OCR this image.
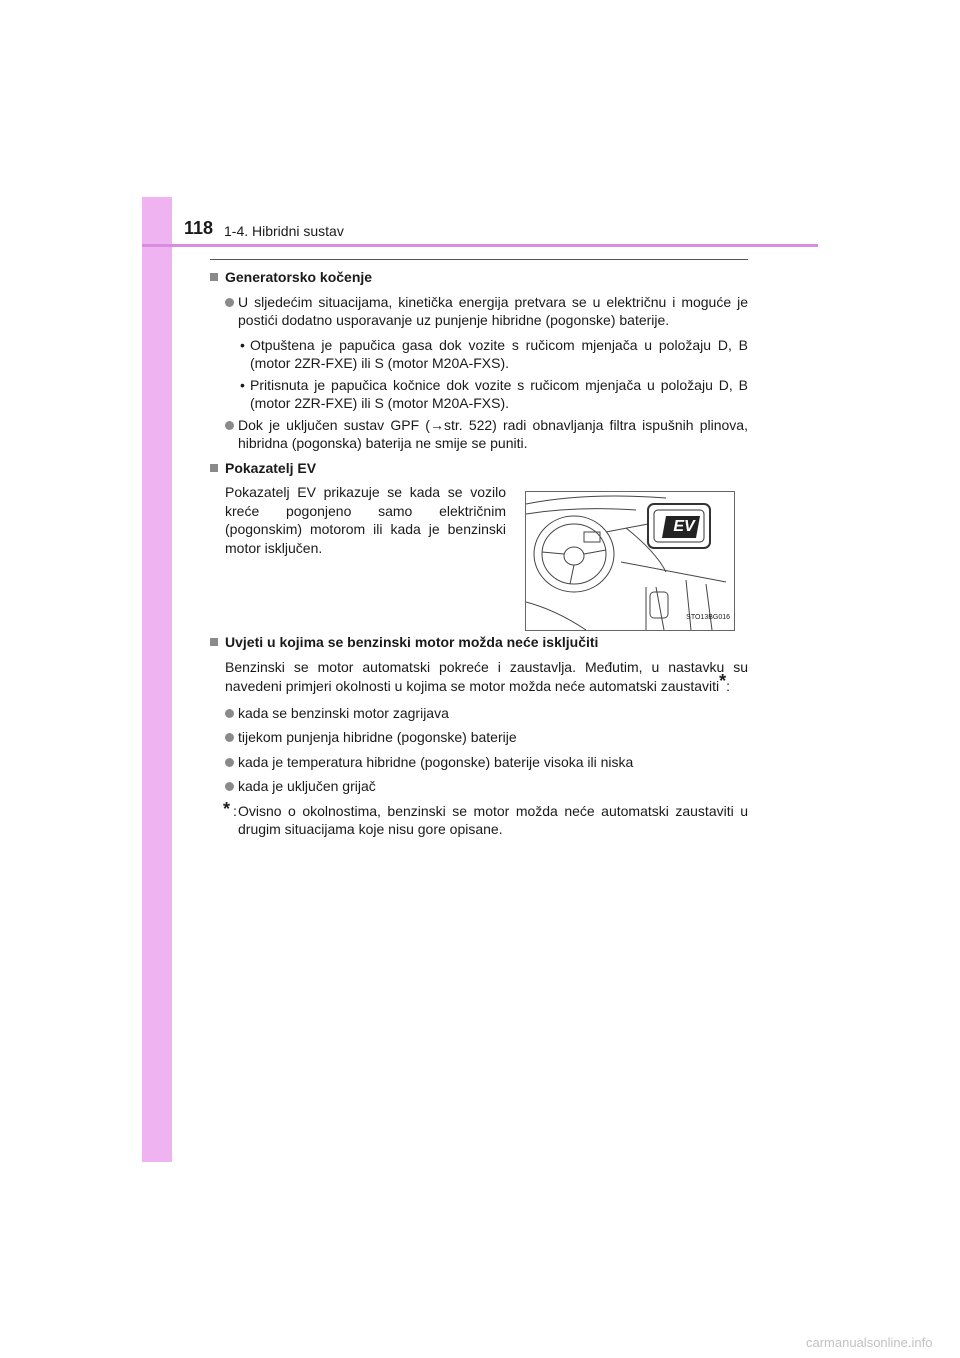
118 1-4. Hibridni sustav
Generatorsko kočenje
U sljedećim situacijama, kinetička energija pretvara se u električnu i moguće je postići dodatno usporavanje uz punjenje hibridne (pogonske) baterije.
• Otpuštena je papučica gasa dok vozite s ručicom mjenjača u položaju D, B (motor 2ZR-FXE) ili S (motor M20A-FXS).
• Pritisnuta je papučica kočnice dok vozite s ručicom mjenjača u položaju D, B (motor 2ZR-FXE) ili S (motor M20A-FXS).
Dok je uključen sustav GPF (→str. 522) radi obnavljanja filtra ispušnih plinova, hibridna (pogonska) baterija ne smije se puniti.
Pokazatelj EV
Pokazatelj EV prikazuje se kada se vozilo kreće pogonjeno samo električnim (pogonskim) motorom ili kada je benzinski motor isključen.
EV
STO13BG016
Uvjeti u kojima se benzinski motor možda neće isključiti
Benzinski se motor automatski pokreće i zaustavlja. Međutim, u nastavku su navedeni primjeri okolnosti u kojima se motor možda neće automatski zaustaviti*:
kada se benzinski motor zagrijava
tijekom punjenja hibridne (pogonske) baterije
kada je temperatura hibridne (pogonske) baterije visoka ili niska
kada je uključen grijač
* : Ovisno o okolnostima, benzinski se motor možda neće automatski zaustaviti u drugim situacijama koje nisu gore opisane.
carmanualsonline.info
